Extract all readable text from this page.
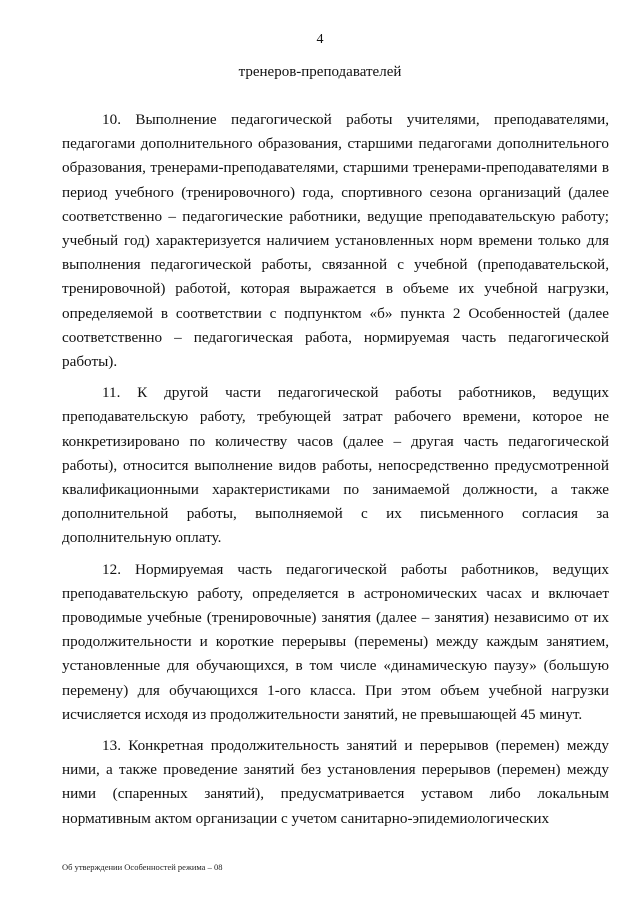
4
тренеров-преподавателей

10. Выполнение педагогической работы учителями, преподавателями, педагогами дополнительного образования, старшими педагогами дополнительного образования, тренерами-преподавателями, старшими тренерами-преподавателями в период учебного (тренировочного) года, спортивного сезона организаций (далее соответственно – педагогические работники, ведущие преподавательскую работу; учебный год) характеризуется наличием установленных норм времени только для выполнения педагогической работы, связанной с учебной (преподавательской, тренировочной) работой, которая выражается в объеме их учебной нагрузки, определяемой в соответствии с подпунктом «б» пункта 2 Особенностей (далее соответственно – педагогическая работа, нормируемая часть педагогической работы).

11. К другой части педагогической работы работников, ведущих преподавательскую работу, требующей затрат рабочего времени, которое не конкретизировано по количеству часов (далее – другая часть педагогической работы), относится выполнение видов работы, непосредственно предусмотренной квалификационными характеристиками по занимаемой должности, а также дополнительной работы, выполняемой с их письменного согласия за дополнительную оплату.

12. Нормируемая часть педагогической работы работников, ведущих преподавательскую работу, определяется в астрономических часах и включает проводимые учебные (тренировочные) занятия (далее – занятия) независимо от их продолжительности и короткие перерывы (перемены) между каждым занятием, установленные для обучающихся, в том числе «динамическую паузу» (большую перемену) для обучающихся 1-ого класса. При этом объем учебной нагрузки исчисляется исходя из продолжительности занятий, не превышающей 45 минут.

13. Конкретная продолжительность занятий и перерывов (перемен) между ними, а также проведение занятий без установления перерывов (перемен) между ними (спаренных занятий), предусматривается уставом либо локальным нормативным актом организации с учетом санитарно-эпидемиологических

Об утверждении Особенностей режима – 08
